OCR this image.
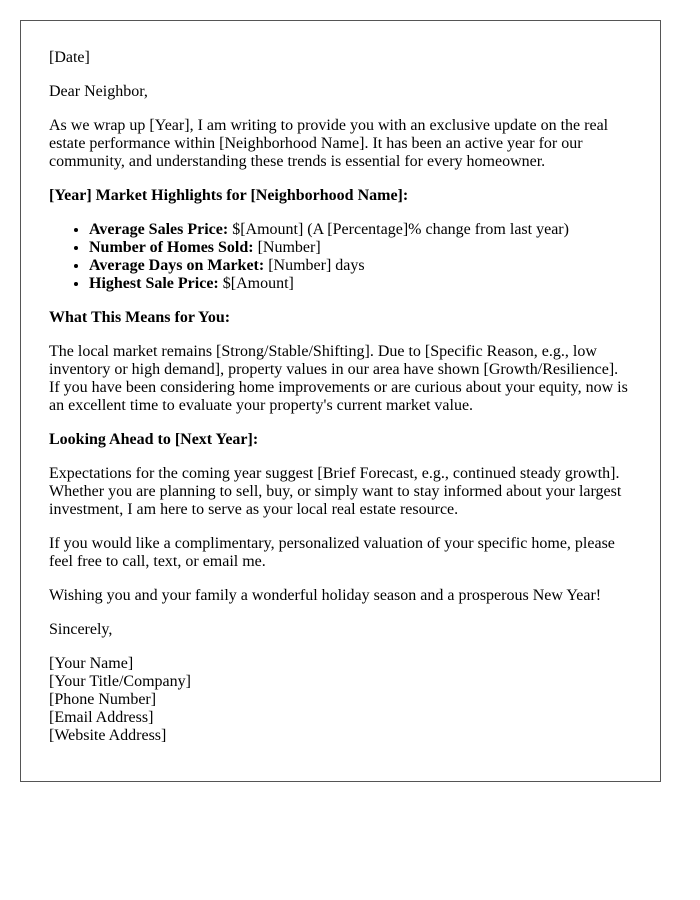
[Date]

Dear Neighbor,

As we wrap up [Year], I am writing to provide you with an exclusive update on the real estate performance within [Neighborhood Name]. It has been an active year for our community, and understanding these trends is essential for every homeowner.

[Year] Market Highlights for [Neighborhood Name]:

• Average Sales Price: $[Amount] (A [Percentage]% change from last year)
• Number of Homes Sold: [Number]
• Average Days on Market: [Number] days
• Highest Sale Price: $[Amount]

What This Means for You:

The local market remains [Strong/Stable/Shifting]. Due to [Specific Reason, e.g., low inventory or high demand], property values in our area have shown [Growth/Resilience]. If you have been considering home improvements or are curious about your equity, now is an excellent time to evaluate your property's current market value.

Looking Ahead to [Next Year]:

Expectations for the coming year suggest [Brief Forecast, e.g., continued steady growth]. Whether you are planning to sell, buy, or simply want to stay informed about your largest investment, I am here to serve as your local real estate resource.

If you would like a complimentary, personalized valuation of your specific home, please feel free to call, text, or email me.

Wishing you and your family a wonderful holiday season and a prosperous New Year!

Sincerely,

[Your Name]
[Your Title/Company]
[Phone Number]
[Email Address]
[Website Address]
